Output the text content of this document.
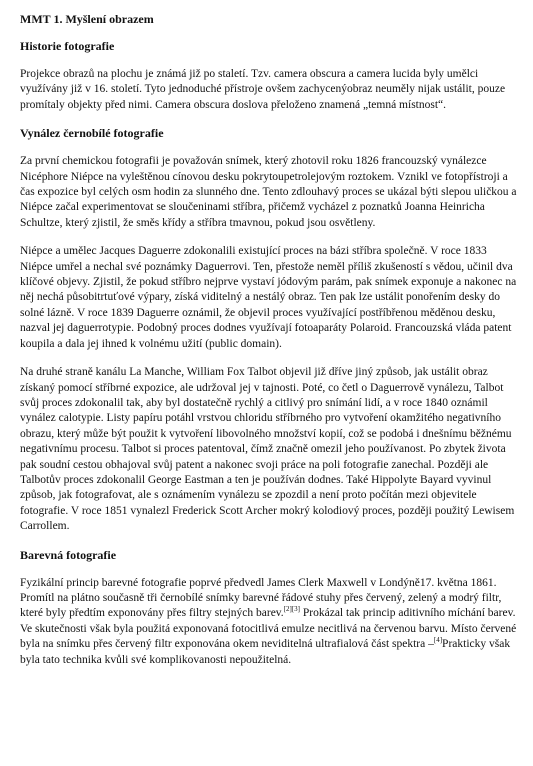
MMT 1. Myšlení obrazem
Historie fotografie

Projekce obrazů na plochu je známá již po staletí. Tzv. camera obscura a camera lucida byly umělci využívány již v 16. století. Tyto jednoduché přístroje ovšem zachycenýobraz neuměly nijak ustálit, pouze promítaly objekty před nimi. Camera obscura doslova přeloženo znamená „temná místnost“.

Vynález černobílé fotografie

Za první chemickou fotografii je považován snímek, který zhotovil roku 1826 francouzský vynálezce Nicéphore Niépce na vyleštěnou cínovou desku pokrytoupetrolejovým roztokem. Vznikl ve fotopřístroji a čas expozice byl celých osm hodin za slunného dne. Tento zdlouhavý proces se ukázal býti slepou uličkou a Niépce začal experimentovat se sloučeninami stříbra, přičemž vycházel z poznatků Joanna Heinricha Schultze, který zjistil, že směs křídy a stříbra tmavnou, pokud jsou osvětleny.

Niépce a umělec Jacques Daguerre zdokonalili existující proces na bázi stříbra společně. V roce 1833 Niépce umřel a nechal své poznámky Daguerrovi. Ten, přestože neměl příliš zkušeností s vědou, učinil dva klíčové objevy. Zjistil, že pokud stříbro nejprve vystaví jódovým parám, pak snímek exponuje a nakonec na něj nechá působitrtuťové výpary, získá viditelný a nestálý obraz. Ten pak lze ustálit ponořením desky do solné lázně. V roce 1839 Daguerre oznámil, že objevil proces využívající postříbřenou měděnou desku, nazval jej daguerrotypie. Podobný proces dodnes využívají fotoaparáty Polaroid. Francouzská vláda patent koupila a dala jej ihned k volnému užití (public domain).

Na druhé straně kanálu La Manche, William Fox Talbot objevil již dříve jiný způsob, jak ustálit obraz získaný pomocí stříbrné expozice, ale udržoval jej v tajnosti. Poté, co četl o Daguerrově vynálezu, Talbot svůj proces zdokonalil tak, aby byl dostatečně rychlý a citlivý pro snímání lidí, a v roce 1840 oznámil vynález calotypie. Listy papíru potáhl vrstvou chloridu stříbrného pro vytvoření okamžitého negativního obrazu, který může být použit k vytvoření libovolného množství kopií, což se podobá i dnešnímu běžnému negativnímu procesu. Talbot si proces patentoval, čímž značně omezil jeho používanost. Po zbytek života pak soudní cestou obhajoval svůj patent a nakonec svoji práce na poli fotografie zanechal. Později ale Talbotův proces zdokonalil George Eastman a ten je používán dodnes. Také Hippolyte Bayard vyvinul způsob, jak fotografovat, ale s oznámením vynálezu se zpozdil a není proto počítán mezi objevitele fotografie. V roce 1851 vynalezl Frederick Scott Archer mokrý kolodiový proces, později použitý Lewisem Carrollem.

Barevná fotografie

Fyzikální princip barevné fotografie poprvé předvedl James Clerk Maxwell v Londýně17. května 1861. Promítl na plátno současně tři černobílé snímky barevné řádové stuhy přes červený, zelený a modrý filtr, které byly předtím exponovány přes filtry stejných barev.[2][3] Prokázal tak princip aditivního míchání barev. Ve skutečnosti však byla použitá exponovaná fotocitlivá emulze necitlivá na červenou barvu. Místo červené byla na snímku přes červený filtr exponována okem neviditelná ultrafialová část spektra –[4]Prakticky však byla tato technika kvůli své komplikovanosti nepoužitelná.
